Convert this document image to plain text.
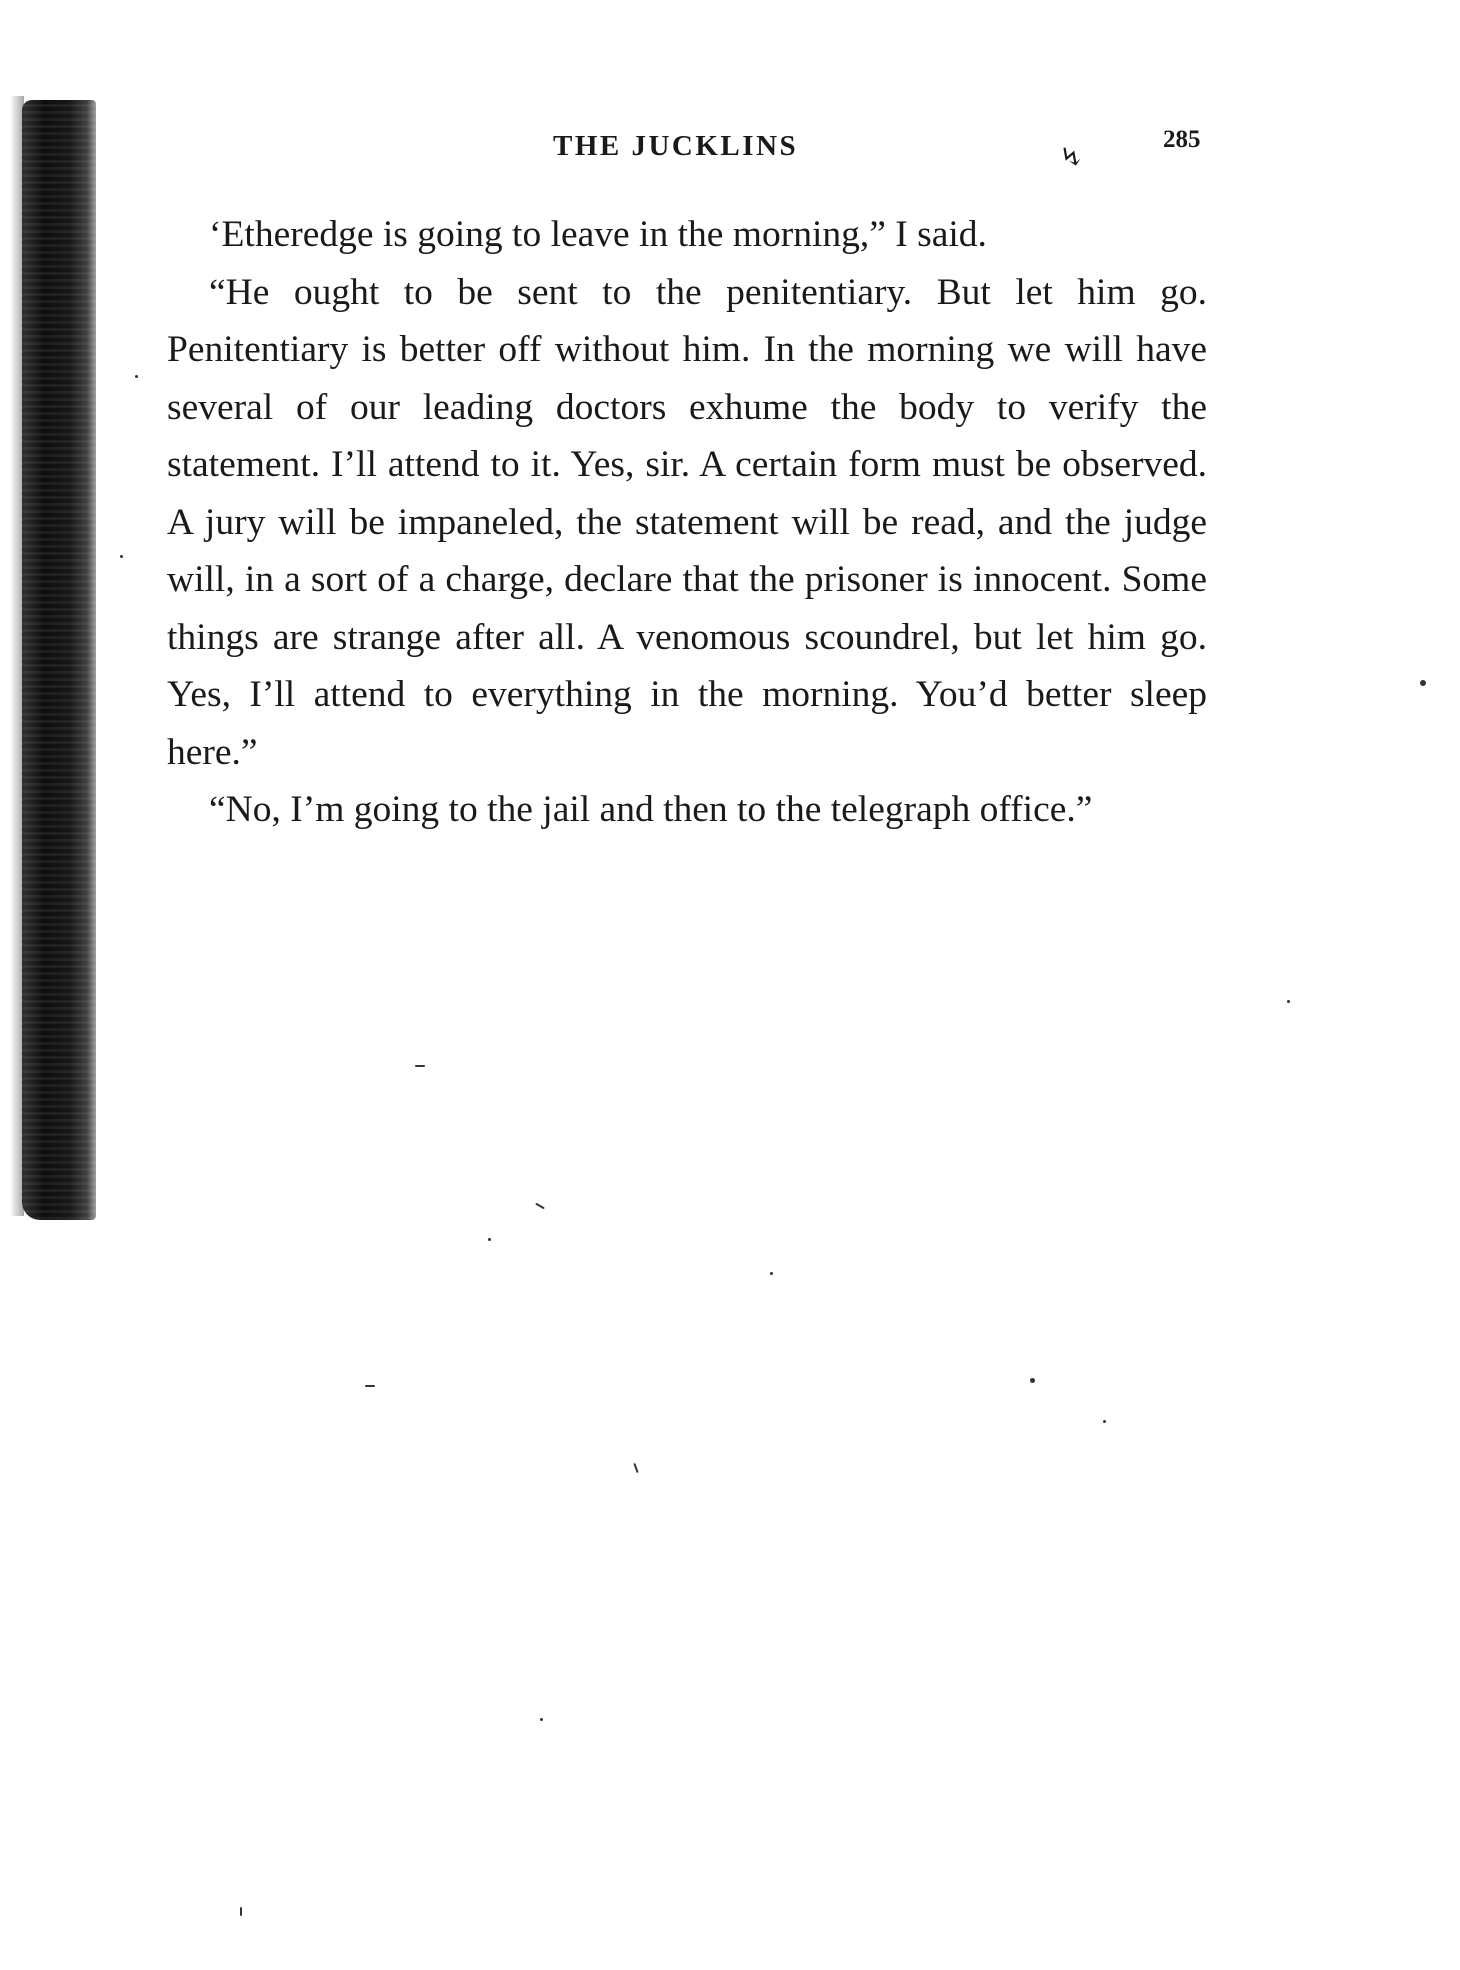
THE JUCKLINS	↯	285

‘Etheredge is going to leave in the morning,” I said.

“He ought to be sent to the penitentiary. But let him go. Penitentiary is better off without him. In the morning we will have several of our leading doctors exhume the body to verify the statement. I’ll attend to it. Yes, sir. A certain form must be observed. A jury will be impaneled, the statement will be read, and the judge will, in a sort of a charge, declare that the prisoner is innocent. Some things are strange after all. A venomous scoundrel, but let him go. Yes, I’ll attend to everything in the morning. You’d better sleep here.”

“No, I’m going to the jail and then to the telegraph office.”
